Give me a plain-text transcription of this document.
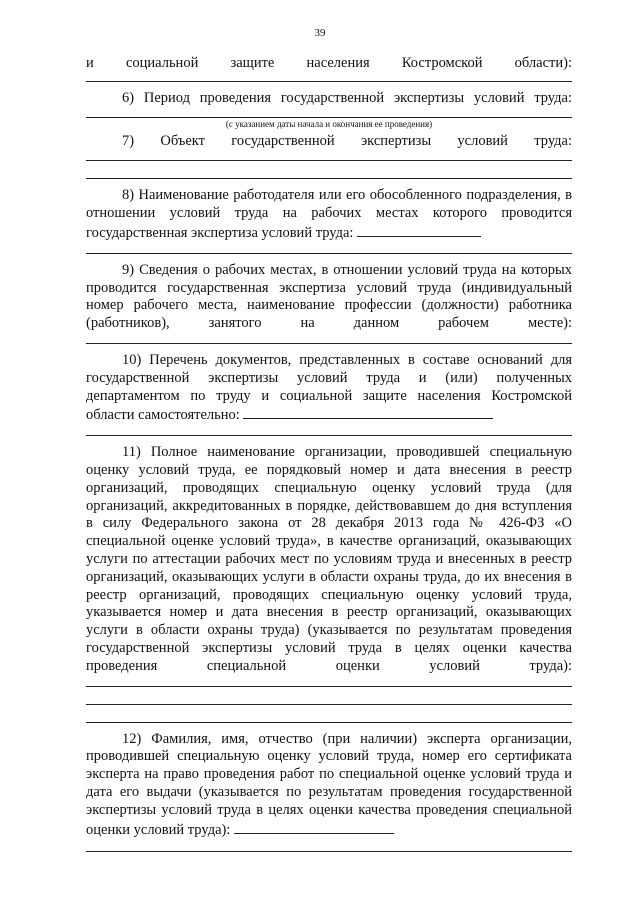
39

и социальной защите населения Костромской области):

6) Период проведения государственной экспертизы условий труда:

(с указанием даты начала и окончания ее проведения)

7) Объект государственной экспертизы условий труда:

8) Наименование работодателя или его обособленного подразделения, в отношении условий труда на рабочих местах которого проводится государственная экспертиза условий труда:

9) Сведения о рабочих местах, в отношении условий труда на которых проводится государственная экспертиза условий труда (индивидуальный номер рабочего места, наименование профессии (должности) работника (работников), занятого на данном рабочем месте):

10) Перечень документов, представленных в составе оснований для государственной экспертизы условий труда и (или) полученных департаментом по труду и социальной защите населения Костромской области самостоятельно:

11) Полное наименование организации, проводившей специальную оценку условий труда, ее порядковый номер и дата внесения в реестр организаций, проводящих специальную оценку условий труда (для организаций, аккредитованных в порядке, действовавшем до дня вступления в силу Федерального закона от 28 декабря 2013 года № 426-ФЗ «О специальной оценке условий труда», в качестве организаций, оказывающих услуги по аттестации рабочих мест по условиям труда и внесенных в реестр организаций, оказывающих услуги в области охраны труда, до их внесения в реестр организаций, проводящих специальную оценку условий труда, указывается номер и дата внесения в реестр организаций, оказывающих услуги в области охраны труда) (указывается по результатам проведения государственной экспертизы условий труда в целях оценки качества проведения специальной оценки условий труда):

12) Фамилия, имя, отчество (при наличии) эксперта организации, проводившей специальную оценку условий труда, номер его сертификата эксперта на право проведения работ по специальной оценке условий труда и дата его выдачи (указывается по результатам проведения государственной экспертизы условий труда в целях оценки качества проведения специальной оценки условий труда):
